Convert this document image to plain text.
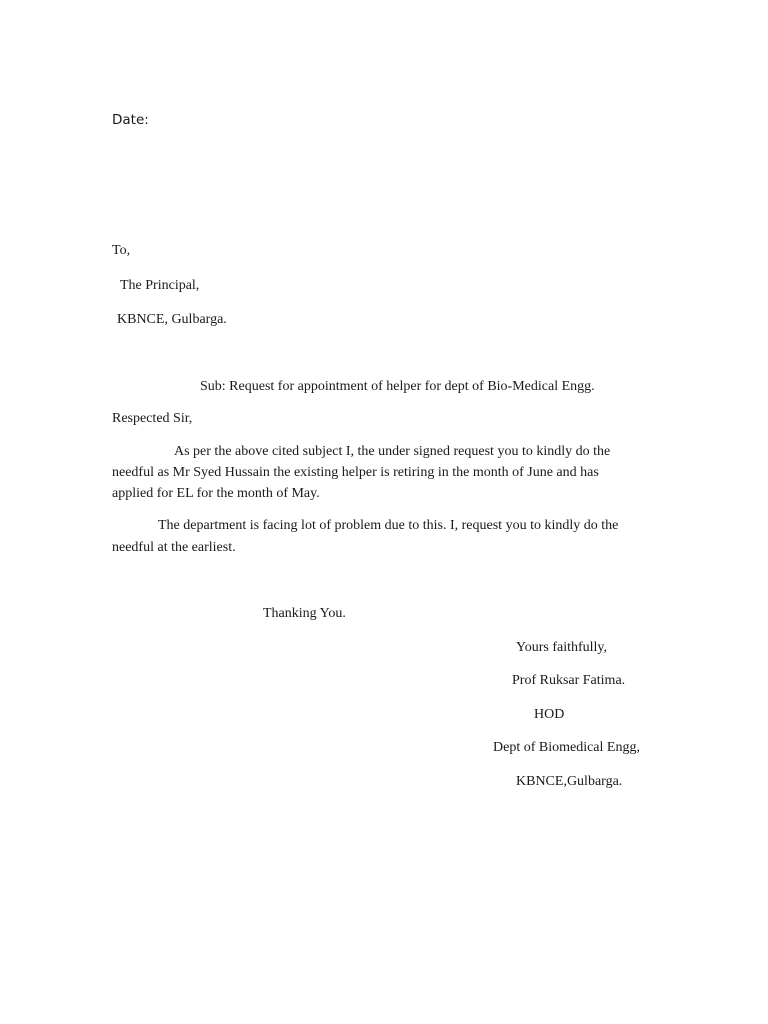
Date:
To,
The Principal,
KBNCE, Gulbarga.
Sub: Request for appointment of helper for dept of Bio-Medical Engg.
Respected Sir,
As per the above cited subject I, the under signed request you to kindly do the
needful as Mr Syed Hussain the existing helper is retiring in the month of June and has
applied for EL for the month of May.
The department is facing lot of problem due to this. I, request you to kindly do the
needful at the earliest.
Thanking You.
Yours faithfully,
Prof Ruksar Fatima.
HOD
Dept of Biomedical Engg,
KBNCE,Gulbarga.
